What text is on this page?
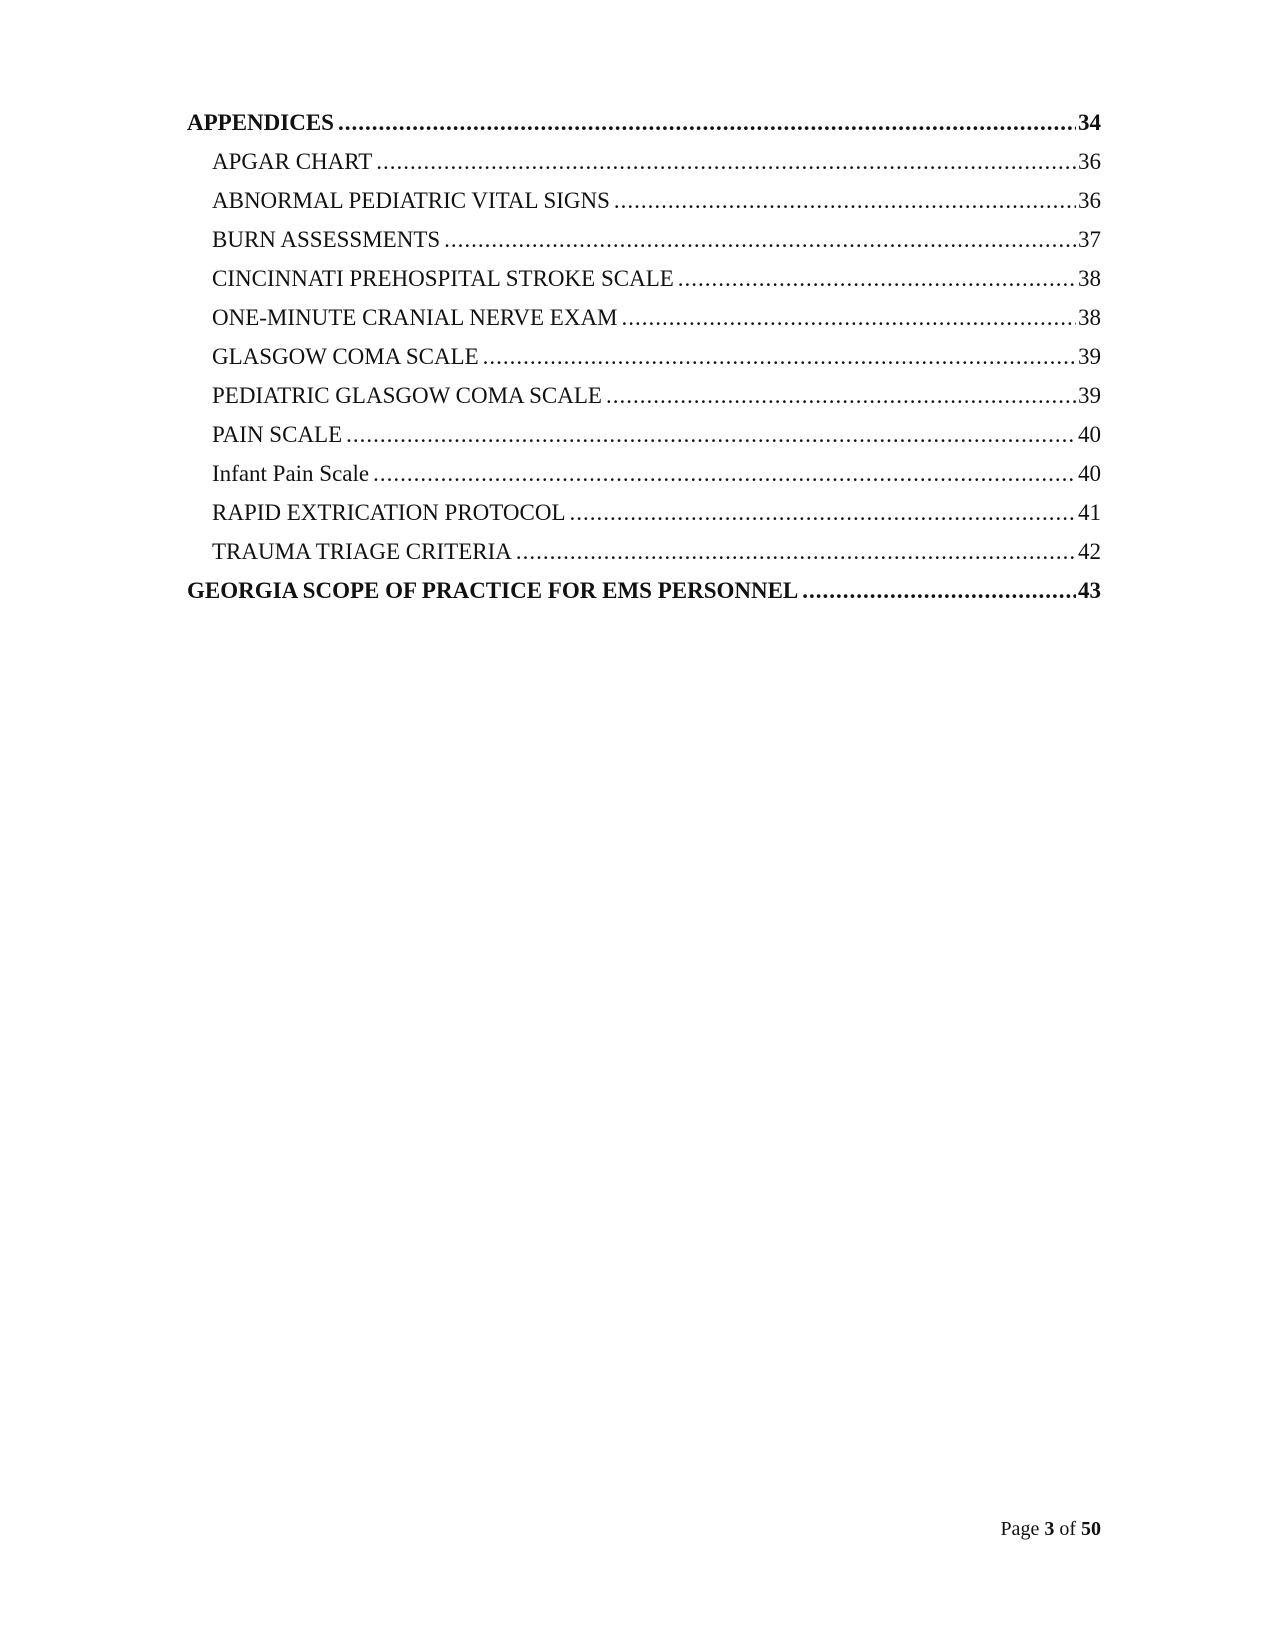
APPENDICES .....	34
APGAR CHART .....	36
ABNORMAL PEDIATRIC VITAL SIGNS .....	36
BURN ASSESSMENTS .....	37
CINCINNATI PREHOSPITAL STROKE SCALE .....	38
ONE-MINUTE CRANIAL NERVE EXAM .....	38
GLASGOW COMA SCALE .....	39
PEDIATRIC GLASGOW COMA SCALE .....	39
PAIN SCALE .....	40
Infant Pain Scale .....	40
RAPID EXTRICATION PROTOCOL .....	41
TRAUMA TRIAGE CRITERIA .....	42
GEORGIA SCOPE OF PRACTICE FOR EMS PERSONNEL .....	43
Page 3 of 50
